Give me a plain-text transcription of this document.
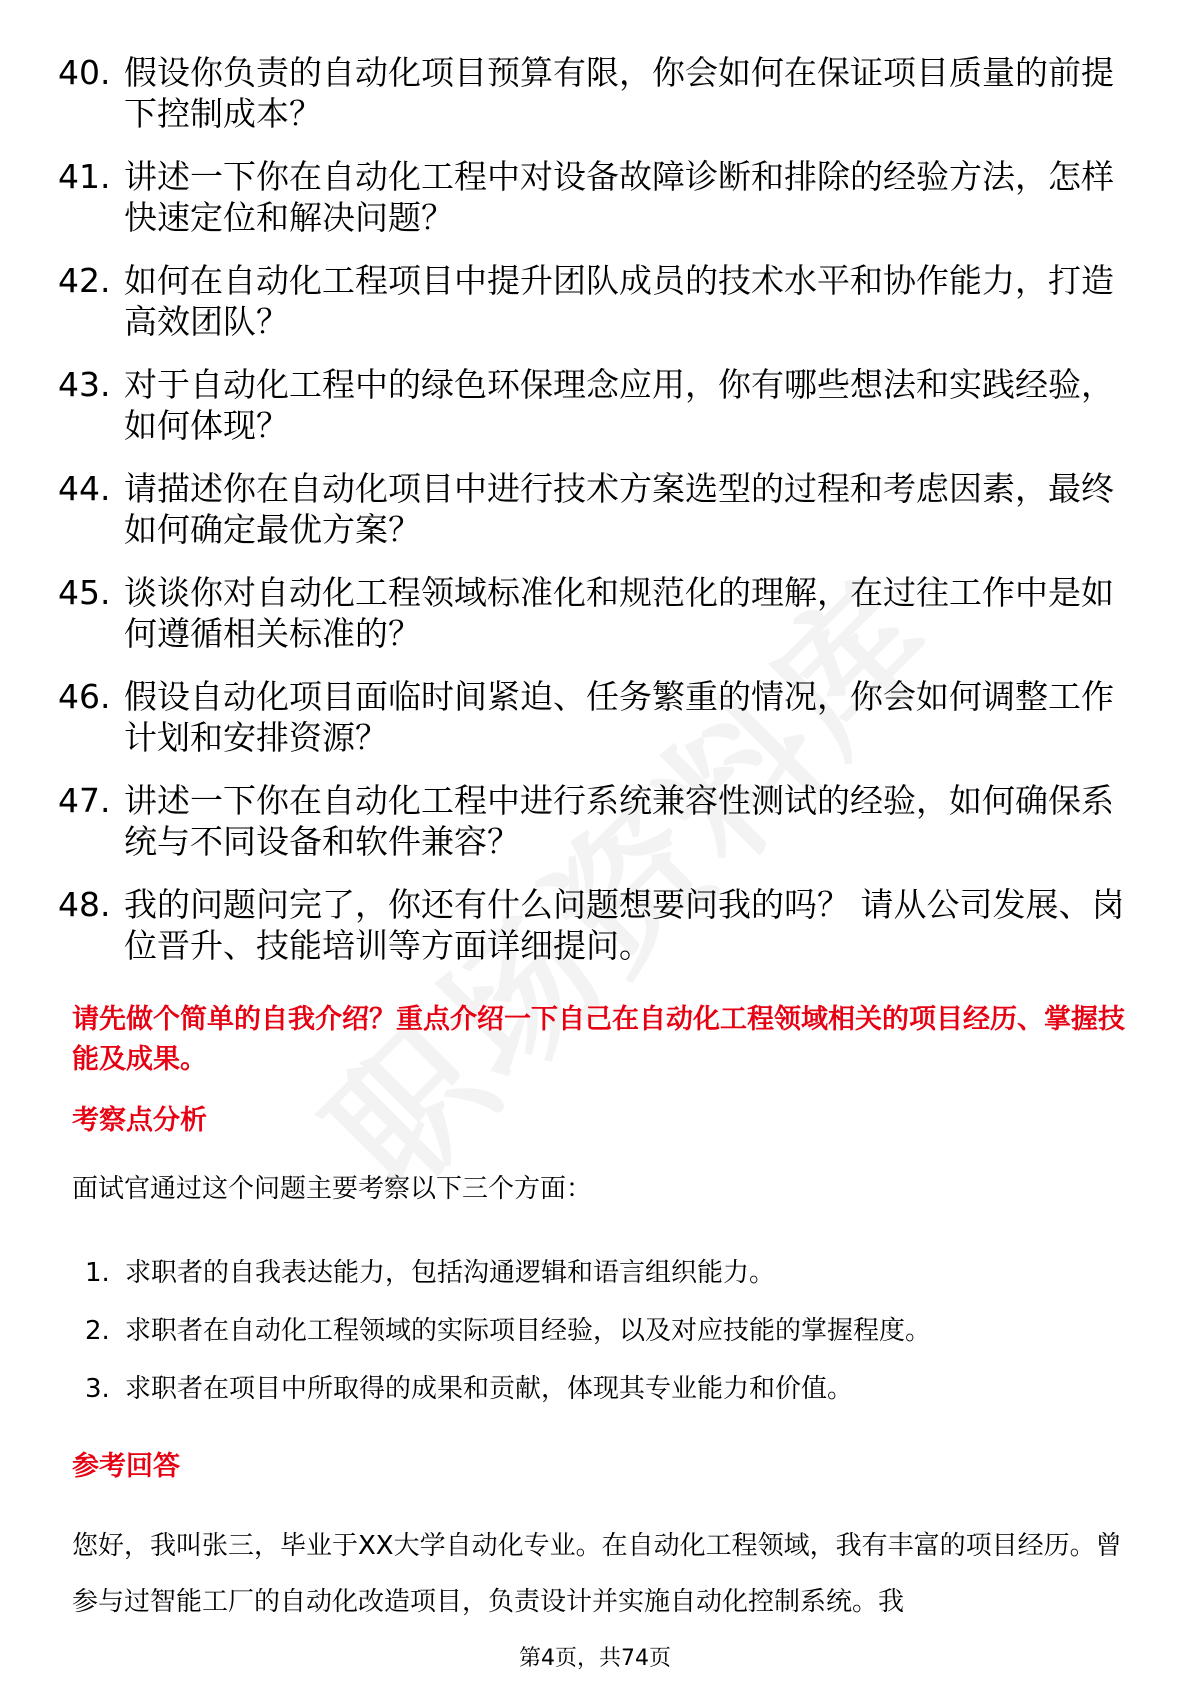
40. 假设你负责的自动化项目预算有限，你会如何在保证项目质量的前提下控制成本？
41. 讲述一下你在自动化工程中对设备故障诊断和排除的经验方法，怎样快速定位和解决问题？
42. 如何在自动化工程项目中提升团队成员的技术水平和协作能力，打造高效团队？
43. 对于自动化工程中的绿色环保理念应用，你有哪些想法和实践经验，如何体现？
44. 请描述你在自动化项目中进行技术方案选型的过程和考虑因素，最终如何确定最优方案？
45. 谈谈你对自动化工程领域标准化和规范化的理解，在过往工作中是如何遵循相关标准的？
46. 假设自动化项目面临时间紧迫、任务繁重的情况，你会如何调整工作计划和安排资源？
47. 讲述一下你在自动化工程中进行系统兼容性测试的经验，如何确保系统与不同设备和软件兼容？
48. 我的问题问完了，你还有什么问题想要问我的吗？ 请从公司发展、岗位晋升、技能培训等方面详细提问。
请先做个简单的自我介绍？重点介绍一下自己在自动化工程领域相关的项目经历、掌握技能及成果。
考察点分析
面试官通过这个问题主要考察以下三个方面：
1. 求职者的自我表达能力，包括沟通逻辑和语言组织能力。
2. 求职者在自动化工程领域的实际项目经验，以及对应技能的掌握程度。
3. 求职者在项目中所取得的成果和贡献，体现其专业能力和价值。
参考回答
您好，我叫张三，毕业于XX大学自动化专业。在自动化工程领域，我有丰富的项目经历。曾参与过智能工厂的自动化改造项目，负责设计并实施自动化控制系统。我
第4页，共74页
